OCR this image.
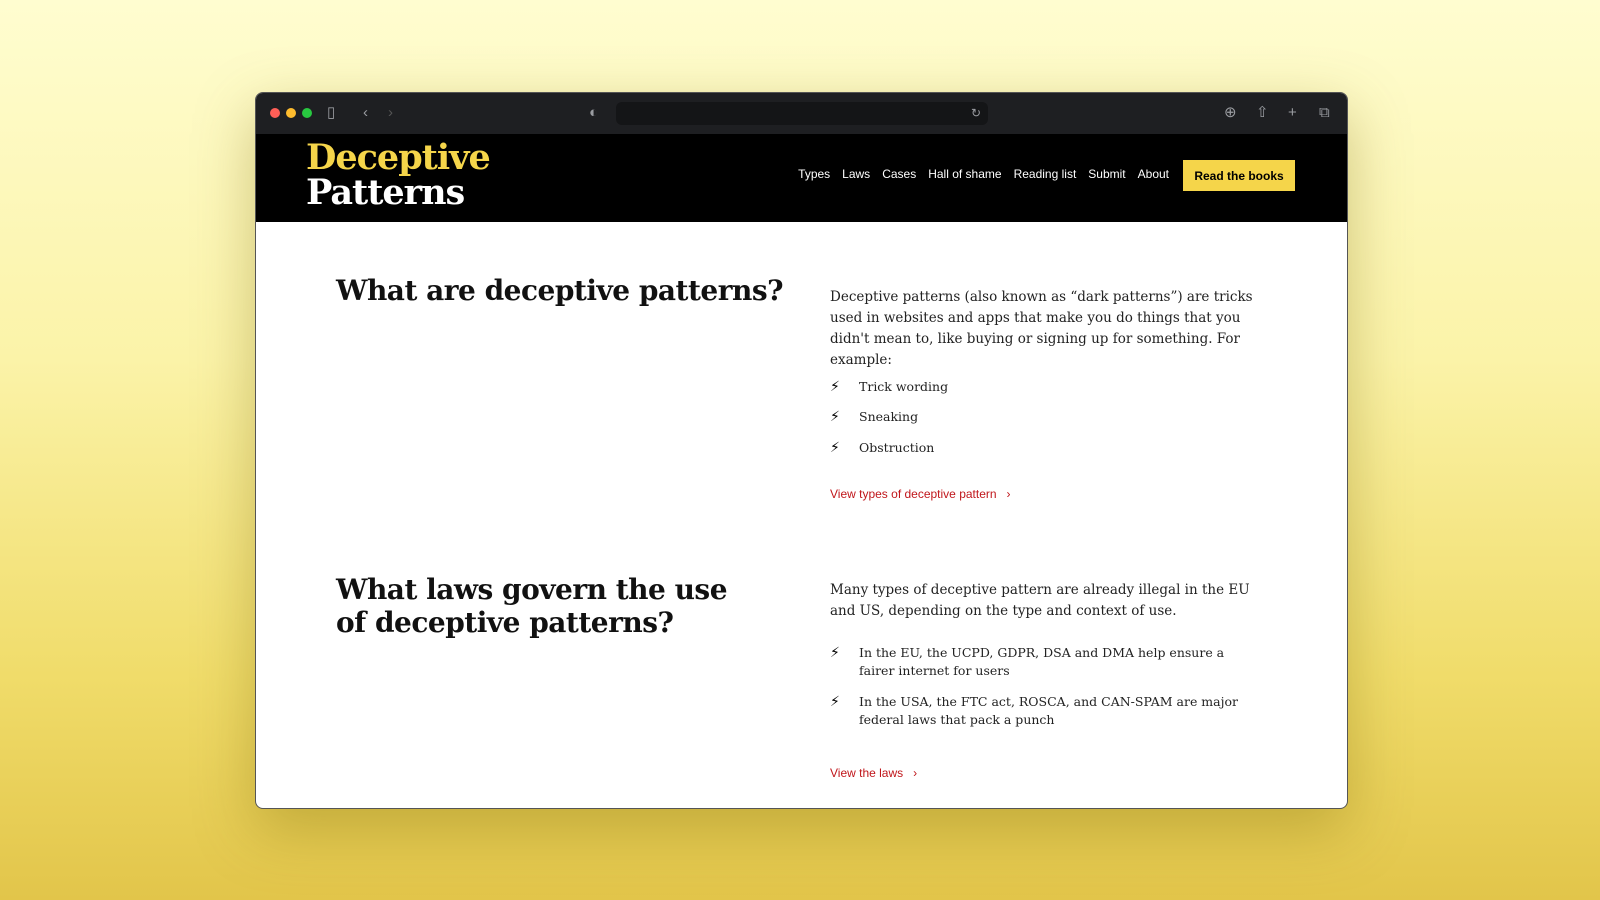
▯ ‹ ›	◐	↻	⊕ ⇧ + ⧉
Deceptive
Patterns	Types Laws Cases Hall of shame Reading list Submit About	Read the books
What are deceptive patterns?	Deceptive patterns (also known as “dark patterns”) are tricks used in websites and apps that make you do things that you didn't mean to, like buying or signing up for something. For example:
⚡︎	Trick wording
⚡︎	Sneaking
⚡︎	Obstruction
View types of deceptive pattern ›
What laws govern the use of deceptive patterns?
Many types of deceptive pattern are already illegal in the EU and US, depending on the type and context of use.
⚡︎	In the EU, the UCPD, GDPR, DSA and DMA help ensure a fairer internet for users
⚡︎	In the USA, the FTC act, ROSCA, and CAN-SPAM are major federal laws that pack a punch
View the laws ›
